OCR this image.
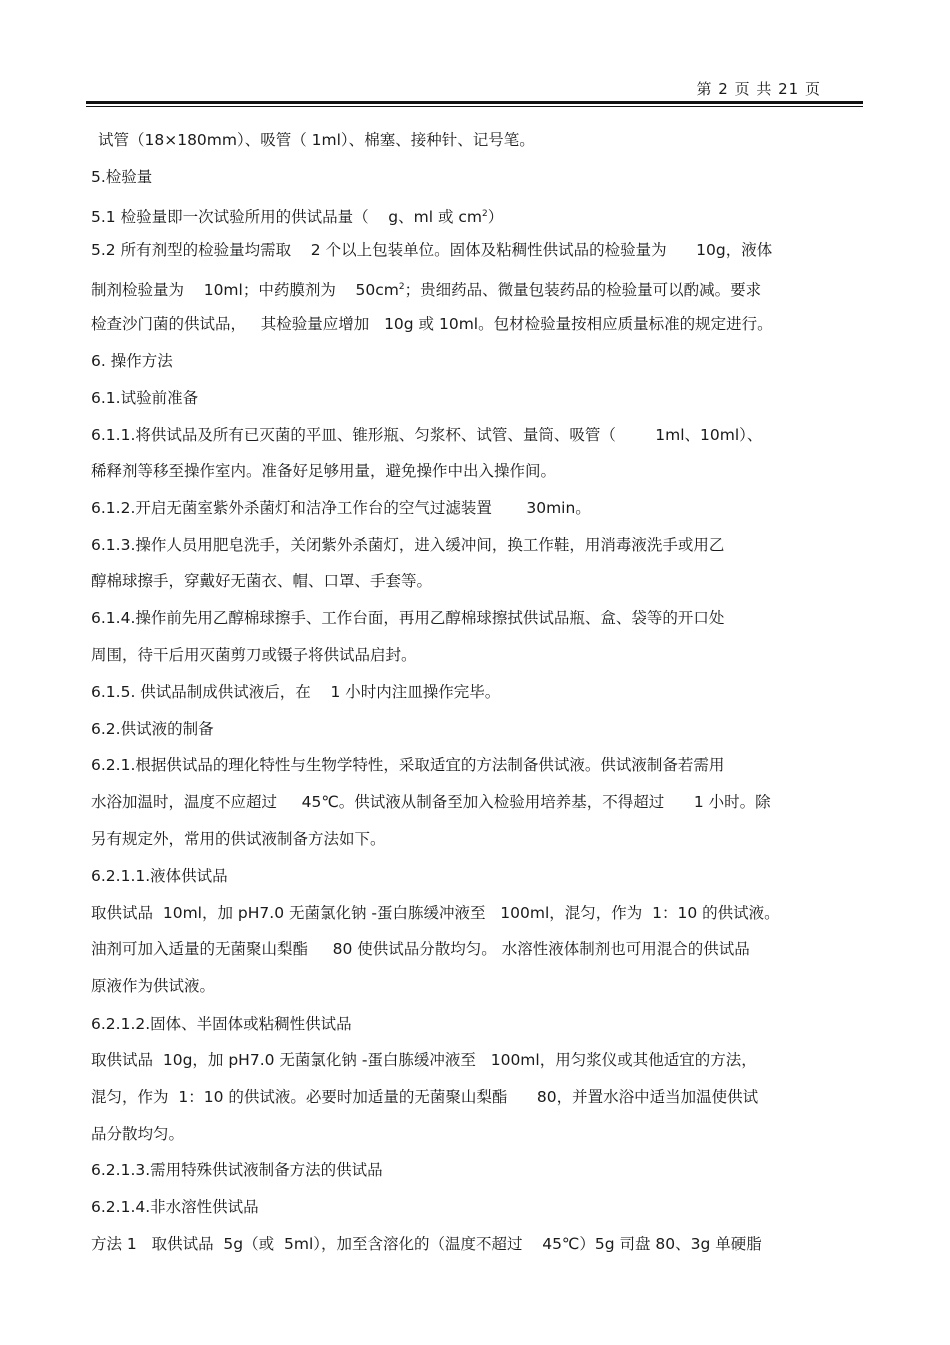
第 2 页 共 21 页
试管（18×180mm）、吸管（ 1ml）、棉塞、接种针、记号笔。
5.检验量
5.1 检验量即一次试验所用的供试品量（    g、ml 或 $cm^2$）
5.2 所有剂型的检验量均需取    2 个以上包装单位。固体及粘稠性供试品的检验量为      10g，液体
制剂检验量为    10ml；中药膜剂为    $50cm^2$；贵细药品、微量包装药品的检验量可以酌减。要求
检查沙门菌的供试品，   其检验量应增加   10g 或 10ml。包材检验量按相应质量标准的规定进行。
6. 操作方法
6.1.试验前准备
6.1.1.将供试品及所有已灭菌的平皿、锥形瓶、匀浆杯、试管、量筒、吸管（        1ml、10ml）、
稀释剂等移至操作室内。准备好足够用量，避免操作中出入操作间。
6.1.2.开启无菌室紫外杀菌灯和洁净工作台的空气过滤装置       30min。
6.1.3.操作人员用肥皂洗手，关闭紫外杀菌灯，进入缓冲间，换工作鞋，用消毒液洗手或用乙
醇棉球擦手，穿戴好无菌衣、帽、口罩、手套等。
6.1.4.操作前先用乙醇棉球擦手、工作台面，再用乙醇棉球擦拭供试品瓶、盒、袋等的开口处
周围，待干后用灭菌剪刀或镊子将供试品启封。
6.1.5. 供试品制成供试液后，在    1 小时内注皿操作完毕。
6.2.供试液的制备
6.2.1.根据供试品的理化特性与生物学特性，采取适宜的方法制备供试液。供试液制备若需用
水浴加温时，温度不应超过     45℃。供试液从制备至加入检验用培养基，不得超过      1 小时。除
另有规定外，常用的供试液制备方法如下。
6.2.1.1.液体供试品
取供试品  10ml，加 pH7.0 无菌氯化钠 -蛋白胨缓冲液至   100ml，混匀，作为  1：10 的供试液。
油剂可加入适量的无菌聚山梨酯     80 使供试品分散均匀。 水溶性液体制剂也可用混合的供试品
原液作为供试液。
6.2.1.2.固体、半固体或粘稠性供试品
取供试品  10g，加 pH7.0 无菌氯化钠 -蛋白胨缓冲液至   100ml，用匀浆仪或其他适宜的方法，
混匀，作为  1：10 的供试液。必要时加适量的无菌聚山梨酯      80，并置水浴中适当加温使供试
品分散均匀。
6.2.1.3.需用特殊供试液制备方法的供试品
6.2.1.4.非水溶性供试品
方法 1   取供试品  5g（或  5ml），加至含溶化的（温度不超过    45℃）5g 司盘 80、3g 单硬脂
